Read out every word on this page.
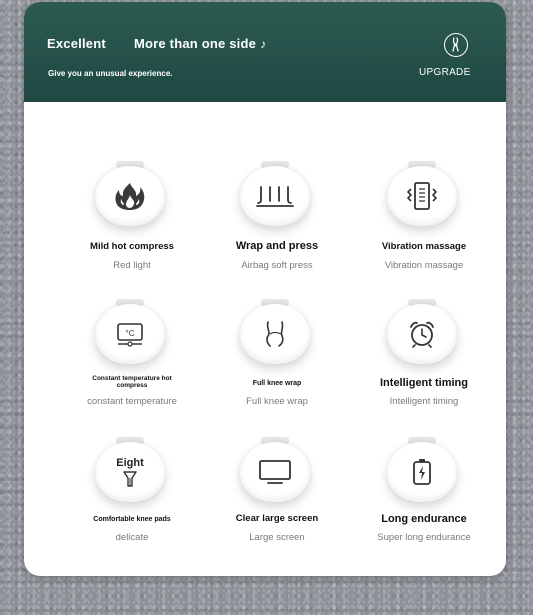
Excellent More than one side ♪
Give you an unusual experience.	UPGRADE
Mild hot compress
Red light
Wrap and press
Airbag soft press
Vibration massage
Vibration massage
°C
Constant temperature hot compress
constant temperature
Full knee wrap
Full knee wrap
Intelligent timing
Intelligent timing
Eight
Comfortable knee pads
delicate
Clear large screen
Large screen
Long endurance
Super long endurance
